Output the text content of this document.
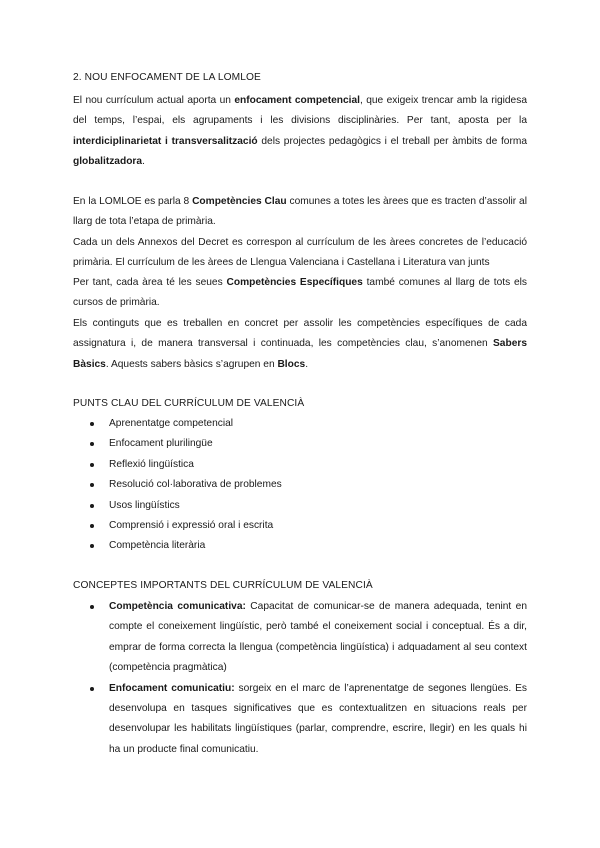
2. NOU ENFOCAMENT DE LA LOMLOE

El nou currículum actual aporta un enfocament competencial, que exigeix trencar amb la rigidesa del temps, l’espai, els agrupaments i les divisions disciplinàries. Per tant, aposta per la interdiciplinarietat i transversalització dels projectes pedagògics i el treball per àmbits de forma globalitzadora.

En la LOMLOE es parla 8 Competències Clau comunes a totes les àrees que es tracten d’assolir al llarg de tota l’etapa de primària.

Cada un dels Annexos del Decret es correspon al currículum de les àrees concretes de l’educació primària. El currículum de les àrees de Llengua Valenciana i Castellana i Literatura van junts

Per tant, cada àrea té les seues Competències Específiques també comunes al llarg de tots els cursos de primària.

Els continguts que es treballen en concret per assolir les competències específiques de cada assignatura i, de manera transversal i continuada, les competències clau, s’anomenen Sabers Bàsics. Aquests sabers bàsics s’agrupen en Blocs.

PUNTS CLAU DEL CURRÍCULUM DE VALENCIÀ
Aprenentatge competencial
Enfocament plurilingüe
Reflexió lingüística
Resolució col·laborativa de problemes
Usos lingüístics
Comprensió i expressió oral i escrita
Competència literària
CONCEPTES IMPORTANTS DEL CURRÍCULUM DE VALENCIÀ
Competència comunicativa: Capacitat de comunicar-se de manera adequada, tenint en compte el coneixement lingüístic, però també el coneixement social i conceptual. És a dir, emprar de forma correcta la llengua (competència lingüística) i adquadament al seu context (competència pragmàtica)
Enfocament comunicatiu: sorgeix en el marc de l’aprenentatge de segones llengües. Es desenvolupa en tasques significatives que es contextualitzen en situacions reals per desenvolupar les habilitats lingüístiques (parlar, comprendre, escrire, llegir) en les quals hi ha un producte final comunicatiu.
